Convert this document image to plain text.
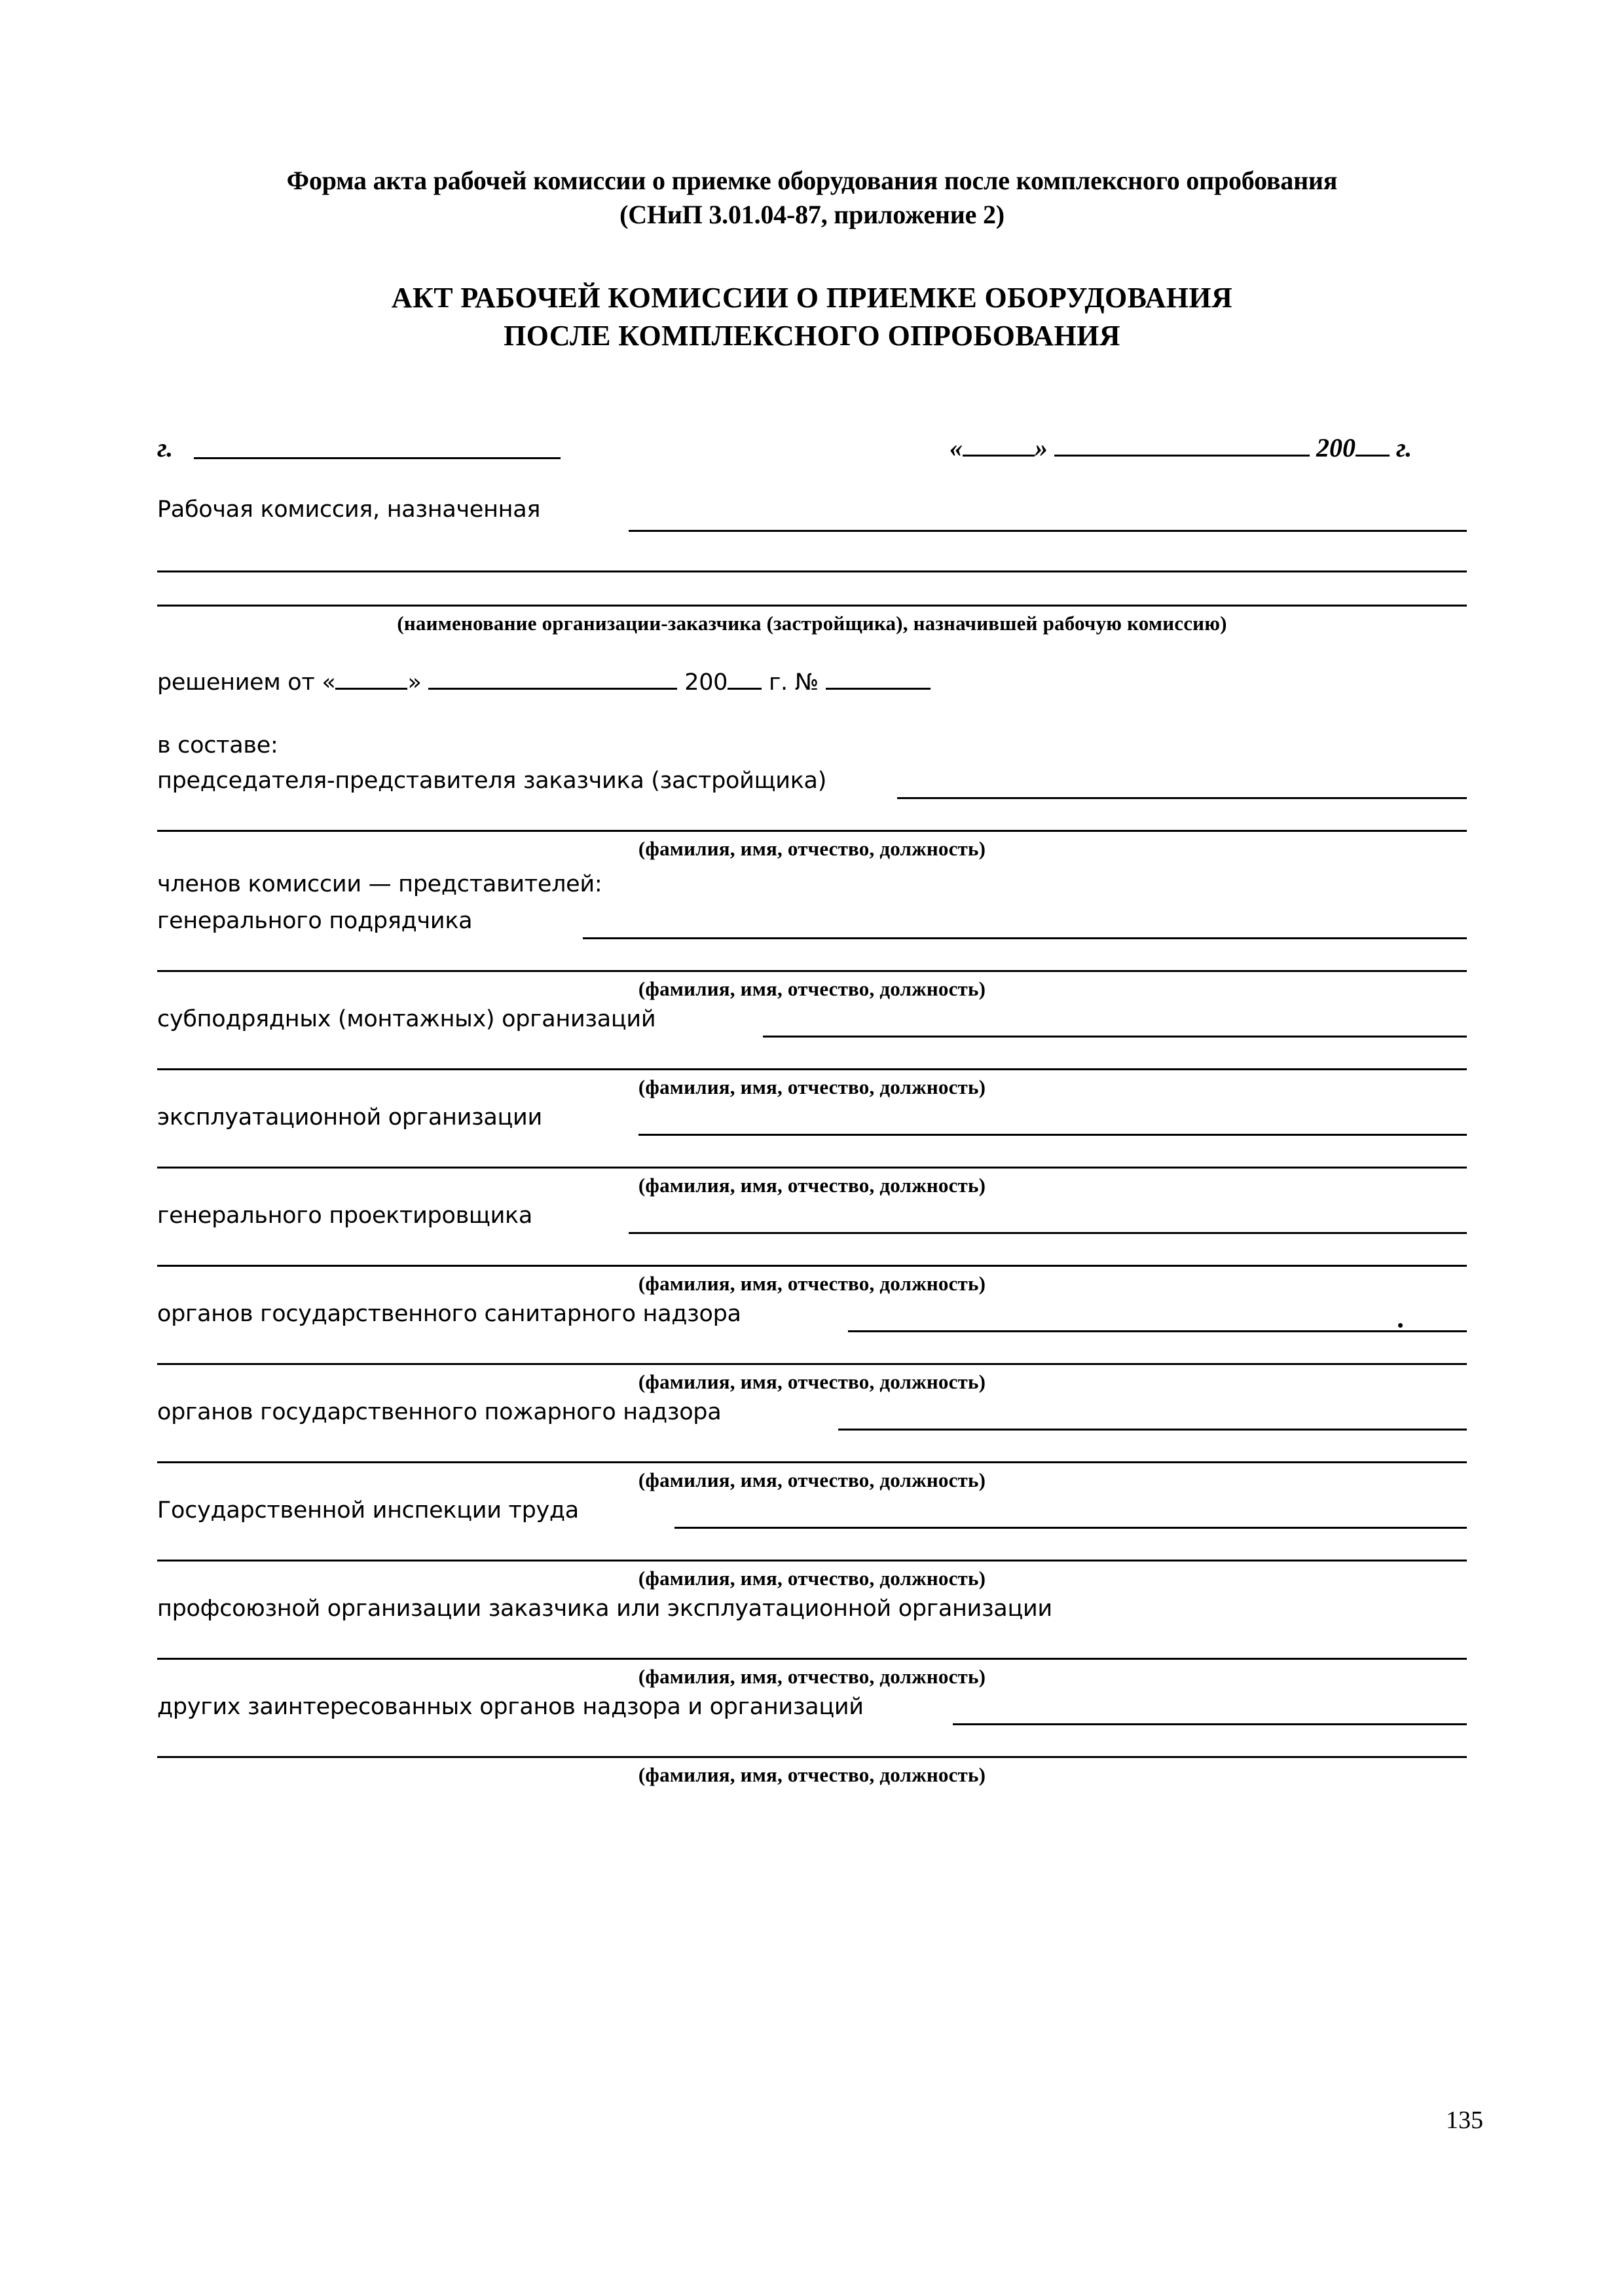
Форма акта рабочей комиссии о приемке оборудования после комплексного опробования
(СНиП 3.01.04-87, приложение 2)
АКТ РАБОЧЕЙ КОМИССИИ О ПРИЕМКЕ ОБОРУДОВАНИЯ
ПОСЛЕ КОМПЛЕКСНОГО ОПРОБОВАНИЯ
г.	«	»	200 г.
Рабочая комиссия, назначенная
(наименование организации-заказчика (застройщика), назначившей рабочую комиссию)
решением от «	»	200 г. №
в составе:
председателя-представителя заказчика (застройщика)
(фамилия, имя, отчество, должность)
членов комиссии — представителей:
генерального подрядчика
(фамилия, имя, отчество, должность)
субподрядных (монтажных) организаций
(фамилия, имя, отчество, должность)
эксплуатационной организации
(фамилия, имя, отчество, должность)
генерального проектировщика
(фамилия, имя, отчество, должность)
органов государственного санитарного надзора
(фамилия, имя, отчество, должность)
органов государственного пожарного надзора
(фамилия, имя, отчество, должность)
Государственной инспекции труда
(фамилия, имя, отчество, должность)
профсоюзной организации заказчика или эксплуатационной организации
(фамилия, имя, отчество, должность)
других заинтересованных органов надзора и организаций
(фамилия, имя, отчество, должность)
135
